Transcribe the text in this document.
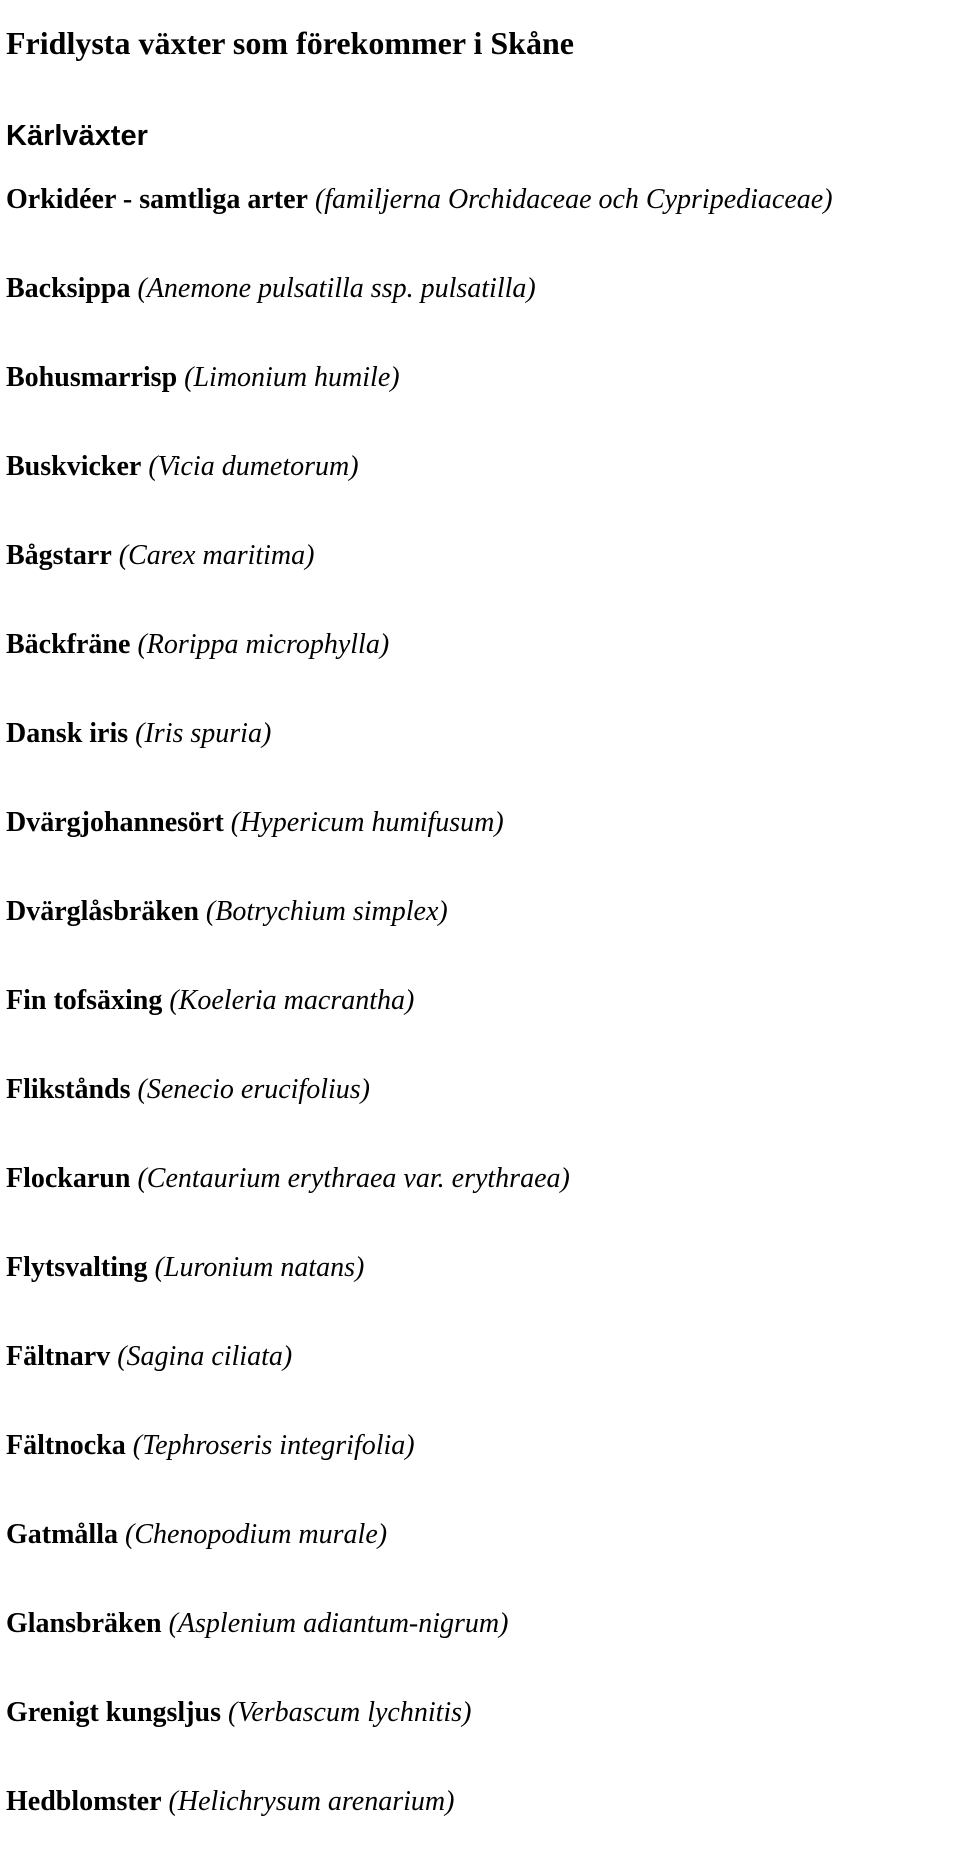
Fridlysta växter som förekommer i Skåne
Kärlväxter
Orkidéer - samtliga arter (familjerna Orchidaceae och Cypripediaceae)
Backsippa (Anemone pulsatilla ssp. pulsatilla)
Bohusmarrisp (Limonium humile)
Buskvicker (Vicia dumetorum)
Bågstarr (Carex maritima)
Bäckfräne (Rorippa microphylla)
Dansk iris (Iris spuria)
Dvärgjohannesört (Hypericum humifusum)
Dvärglåsbräken (Botrychium simplex)
Fin tofsäxing (Koeleria macrantha)
Flikstånds (Senecio erucifolius)
Flockarun (Centaurium erythraea var. erythraea)
Flytsvalting (Luronium natans)
Fältnarv (Sagina ciliata)
Fältnocka (Tephroseris integrifolia)
Gatmålla (Chenopodium murale)
Glansbräken (Asplenium adiantum-nigrum)
Grenigt kungsljus (Verbascum lychnitis)
Hedblomster (Helichrysum arenarium)
